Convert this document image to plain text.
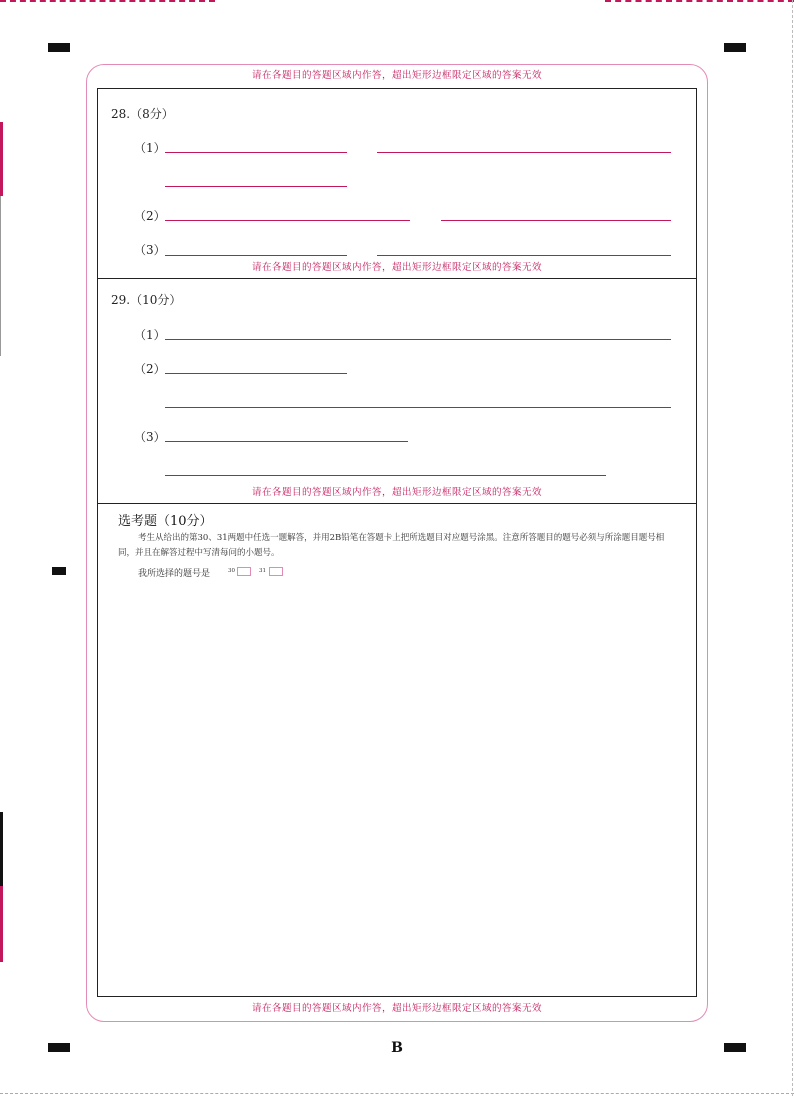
请在各题目的答题区域内作答，超出矩形边框限定区域的答案无效
请在各题目的答题区域内作答，超出矩形边框限定区域的答案无效
请在各题目的答题区域内作答，超出矩形边框限定区域的答案无效
请在各题目的答题区域内作答，超出矩形边框限定区域的答案无效
28.（8分）
（1）
（2）
（3）
29.（10分）
（1）
（2）
（3）
选考题（10分）
考生从给出的第30、31两题中任选一题解答，并用2B铅笔在答题卡上把所选题目对应题号涂黑。注意所答题目的题号必须与所涂题目题号相同，并且在解答过程中写清每问的小题号。
我所选择的题号是	30	31
B
